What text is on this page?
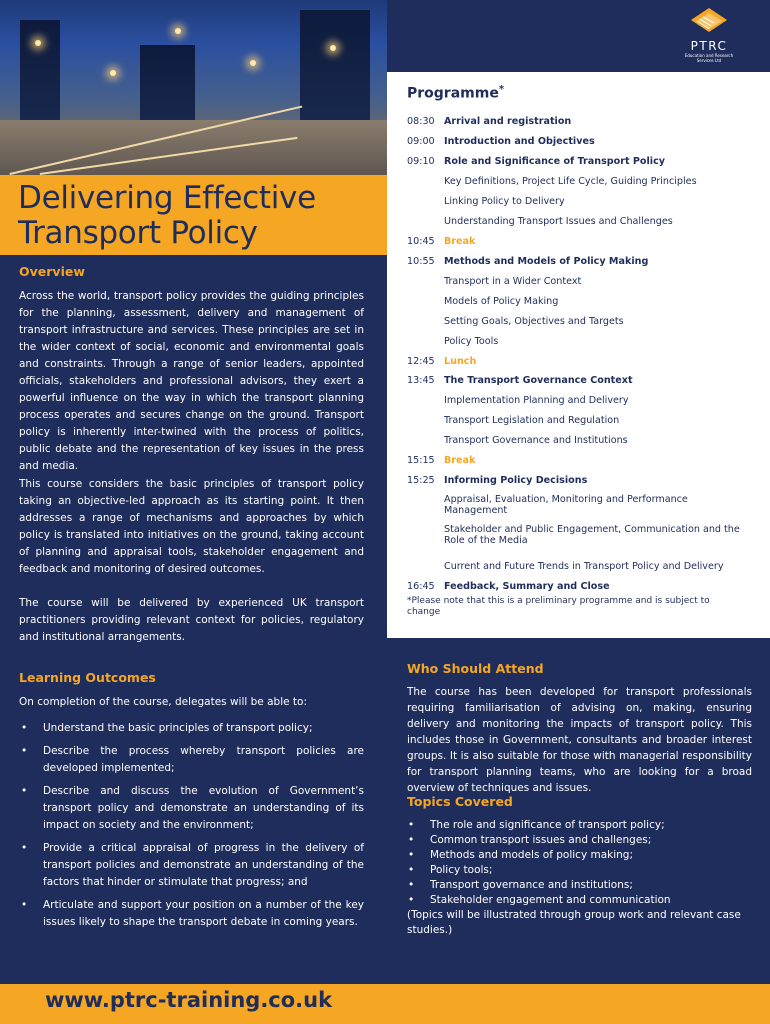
Delivering Effective
Transport Policy
Overview

Across the world, transport policy provides the guiding principles for the planning, assessment, delivery and management of transport infrastructure and services. These principles are set in the wider context of social, economic and environmental goals and constraints. Through a range of senior leaders, appointed officials, stakeholders and professional advisors, they exert a powerful influence on the way in which the transport planning process operates and secures change on the ground. Transport policy is inherently inter-twined with the process of politics, public debate and the representation of key issues in the press and media.

This course considers the basic principles of transport policy taking an objective-led approach as its starting point. It then addresses a range of mechanisms and approaches by which policy is translated into initiatives on the ground, taking account of planning and appraisal tools, stakeholder engagement and feedback and monitoring of desired outcomes.

The course will be delivered by experienced UK transport practitioners providing relevant context for policies, regulatory and institutional arrangements.

Learning Outcomes

On completion of the course, delegates will be able to:

• Understand the basic principles of transport policy;
• Describe the process whereby transport policies are developed implemented;
• Describe and discuss the evolution of Government’s transport policy and demonstrate an understanding of its impact on society and the environment;
• Provide a critical appraisal of progress in the delivery of transport policies and demonstrate an understanding of the factors that hinder or stimulate that progress; and
• Articulate and support your position on a number of the key issues likely to shape the transport debate in coming years.
PTRC
Education and Research Services Ltd
Programme*
08:30 Arrival and registration
09:00 Introduction and Objectives
09:10 Role and Significance of Transport Policy
Key Definitions, Project Life Cycle, Guiding Principles
Linking Policy to Delivery
Understanding Transport Issues and Challenges
10:45 Break
10:55 Methods and Models of Policy Making
Transport in a Wider Context
Models of Policy Making
Setting Goals, Objectives and Targets
Policy Tools
12:45 Lunch
13:45 The Transport Governance Context
Implementation Planning and Delivery
Transport Legislation and Regulation
Transport Governance and Institutions
15:15 Break
15:25 Informing Policy Decisions
Appraisal, Evaluation, Monitoring and Performance Management
Stakeholder and Public Engagement, Communication and the Role of the Media
Current and Future Trends in Transport Policy and Delivery
16:45 Feedback, Summary and Close
*Please note that this is a preliminary programme and is subject to change
Who Should Attend

The course has been developed for transport professionals requiring familiarisation of advising on, making, ensuring delivery and monitoring the impacts of transport policy. This includes those in Government, consultants and broader interest groups. It is also suitable for those with managerial responsibility for transport planning teams, who are looking for a broad overview of techniques and issues.

Topics Covered
• The role and significance of transport policy;
• Common transport issues and challenges;
• Methods and models of policy making;
• Policy tools;
• Transport governance and institutions;
• Stakeholder engagement and communication

(Topics will be illustrated through group work and relevant case studies.)

www.ptrc-training.co.uk
